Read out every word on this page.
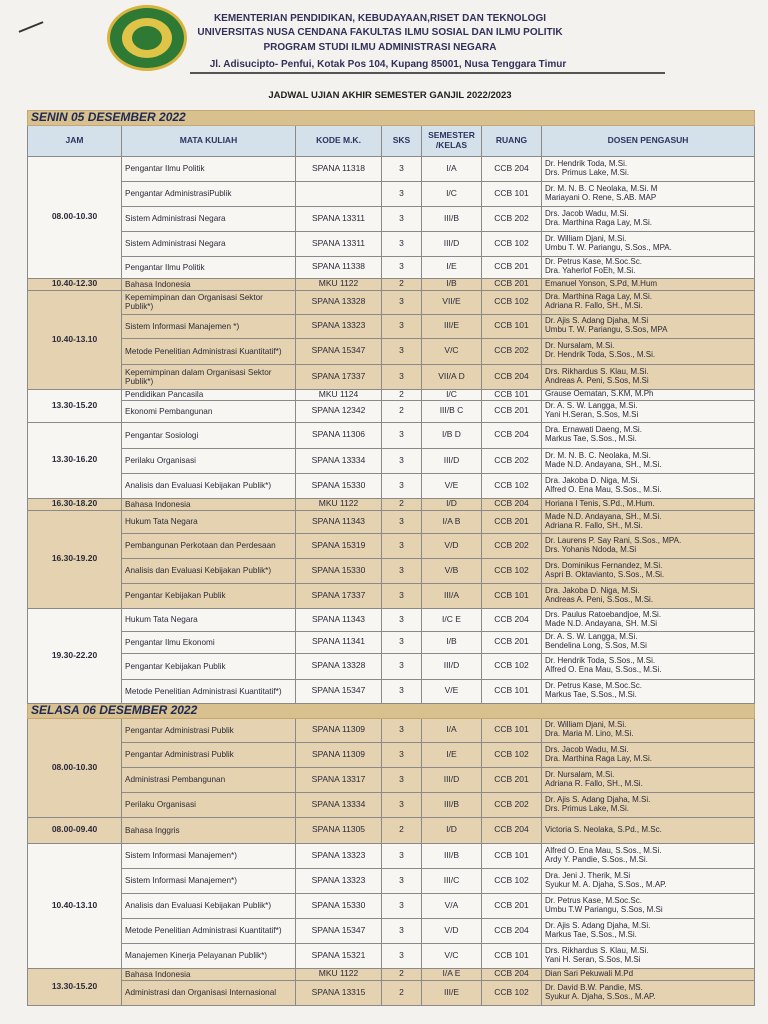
KEMENTERIAN PENDIDIKAN, KEBUDAYAAN,RISET DAN TEKNOLOGI
UNIVERSITAS NUSA CENDANA FAKULTAS ILMU SOSIAL DAN ILMU POLITIK
PROGRAM STUDI ILMU ADMINISTRASI NEGARA
Jl. Adisucipto- Penfui, Kotak Pos 104, Kupang 85001, Nusa Tenggara Timur
JADWAL UJIAN AKHIR SEMESTER GANJIL 2022/2023
SENIN 05 DESEMBER 2022						
JAM	MATA KULIAH	KODE M.K.	SKS	SEMESTER /KELAS	RUANG	DOSEN PENGASUH
08.00-10.30	Pengantar Ilmu Politik	SPANA 11318	3	I/A	CCB 204	Dr. Hendrik Toda, M.Si.
Drs. Primus Lake, M.Si.

	Pengantar AdministrasiPublik		3	I/C	CCB 101	Dr. M. N. B. C Neolaka, M.Si. M
Mariayani O. Rene, S.AB. MAP

	Sistem Administrasi Negara	SPANA 13311	3	III/B	CCB 202	Drs. Jacob Wadu, M.Si.
Dra. Marthina Raga Lay, M.Si.

	Sistem Administrasi Negara	SPANA 13311	3	III/D	CCB 102	Dr. William Djani, M.Si.
Umbu T. W. Pariangu, S.Sos., MPA.

	Pengantar Ilmu Politik	SPANA 11338	3	I/E	CCB 201	Dr. Petrus Kase, M.Soc.Sc.
Dra. Yaherlof FoEh, M.Si.

10.40-12.30	Bahasa Indonesia	MKU 1122	2	I/B	CCB 201	Emanuel Yonson, S.Pd, M.Hum

10.40-13.10	Kepemimpinan dan Organisasi Sektor Publik*)	SPANA 13328	3	VII/E	CCB 102	Dra. Marthina Raga Lay, M.Si.
Adriana R. Fallo, SH., M.Si.

	Sistem Informasi Manajemen *)	SPANA 13323	3	III/E	CCB 101	Dr. Ajis S. Adang Djaha, M.Si
Umbu T. W. Pariangu, S.Sos, MPA

	Metode Penelitian Administrasi Kuantitatif*)	SPANA 15347	3	V/C	CCB 202	Dr. Nursalam, M.Si.
Dr. Hendrik Toda, S.Sos., M.Si.

	Kepemimpinan dalam Organisasi Sektor Publik*)	SPANA 17337	3	VII/A D	CCB 204	Drs. Rikhardus S. Klau, M.Si.
Andreas A. Peni, S.Sos, M.Si

13.30-15.20	Pendidikan Pancasila	MKU 1124	2	I/C	CCB 101	Grause Oematan, S.KM, M.Ph

	Ekonomi Pembangunan	SPANA 12342	2	III/B C	CCB 201	Dr. A. S. W. Langga, M.Si.
Yani H.Seran, S.Sos, M.Si

13.30-16.20	Pengantar Sosiologi	SPANA 11306	3	I/B D	CCB 204	Dra. Ernawati Daeng, M.Si.
Markus Tae, S.Sos., M.Si.

	Perilaku Organisasi	SPANA 13334	3	III/D	CCB 202	Dr. M. N. B. C. Neolaka, M.Si.
Made N.D. Andayana, SH., M.Si.

	Analisis dan Evaluasi Kebijakan Publik*)	SPANA 15330	3	V/E	CCB 102	Dra. Jakoba D. Niga, M.Si.
Alfred O. Ena Mau, S.Sos., M.Si.

16.30-18.20	Bahasa Indonesia	MKU 1122	2	I/D	CCB 204	Horiana I Tenis, S.Pd., M.Hum.

16.30-19.20	Hukum Tata Negara	SPANA 11343	3	I/A B	CCB 201	Made N.D. Andayana, SH., M.Si.
Adriana R. Fallo, SH., M.Si.

	Pembangunan Perkotaan dan Perdesaan	SPANA 15319	3	V/D	CCB 202	Dr. Laurens P. Say Rani, S.Sos., MPA.
Drs. Yohanis Ndoda, M.Si

	Analisis dan Evaluasi Kebijakan Publik*)	SPANA 15330	3	V/B	CCB 102	Drs. Dominikus Fernandez, M.Si.
Aspri B. Oktavianto, S.Sos., M.Si.

	Pengantar Kebijakan Publik	SPANA 17337	3	III/A	CCB 101	Dra. Jakoba D. Niga, M.Si.
Andreas A. Peni, S.Sos., M.Si.

19.30-22.20	Hukum Tata Negara	SPANA 11343	3	I/C E	CCB 204	Drs. Paulus Ratoebandjoe, M.Si.
Made N.D. Andayana, SH. M.Si

	Pengantar Ilmu Ekonomi	SPANA 11341	3	I/B	CCB 201	Dr. A. S. W. Langga, M.Si.
Bendelina Long, S.Sos, M.Si

	Pengantar Kebijakan Publik	SPANA 13328	3	III/D	CCB 102	Dr. Hendrik Toda, S.Sos., M.Si.
Alfred O. Ena Mau, S.Sos., M.Si.

	Metode Penelitian Administrasi Kuantitatif*)	SPANA 15347	3	V/E	CCB 101	Dr. Petrus Kase, M.Soc.Sc.
Markus Tae, S.Sos., M.Si.

SELASA 06 DESEMBER 2022						
08.00-10.30	Pengantar Administrasi Publik	SPANA 11309	3	I/A	CCB 101	Dr. William Djani, M.Si.
Dra. Maria M. Lino, M.Si.

	Pengantar Administrasi Publik	SPANA 11309	3	I/E	CCB 102	Drs. Jacob Wadu, M.Si.
Dra. Marthina Raga Lay, M.Si.

	Administrasi Pembangunan	SPANA 13317	3	III/D	CCB 201	Dr. Nursalam, M.Si.
Adriana R. Fallo, SH., M.Si.

	Perilaku Organisasi	SPANA 13334	3	III/B	CCB 202	Dr. Ajis S. Adang Djaha, M.Si.
Drs. Primus Lake, M.Si.

08.00-09.40	Bahasa Inggris	SPANA 11305	2	I/D	CCB 204	Victoria S. Neolaka, S.Pd., M.Sc.

10.40-13.10	Sistem Informasi Manajemen*)	SPANA 13323	3	III/B	CCB 101	Alfred O. Ena Mau, S.Sos., M.Si.
Ardy Y. Pandie, S.Sos., M.Si.

	Sistem Informasi Manajemen*)	SPANA 13323	3	III/C	CCB 102	Dra. Jeni J. Therik, M.Si
Syukur M. A. Djaha, S.Sos., M.AP.

	Analisis dan Evaluasi Kebijakan Publik*)	SPANA 15330	3	V/A	CCB 201	Dr. Petrus Kase, M.Soc.Sc.
Umbu T.W Pariangu, S.Sos, M.Si

	Metode Penelitian Administrasi Kuantitatif*)	SPANA 15347	3	V/D	CCB 204	Dr. Ajis S. Adang Djaha, M.Si.
Markus Tae, S.Sos., M.Si.

	Manajemen Kinerja Pelayanan Publik*)	SPANA 15321	3	V/C	CCB 101	Drs. Rikhardus S. Klau, M.Si.
Yani H. Seran, S.Sos, M.Si

13.30-15.20	Bahasa Indonesia	MKU 1122	2	I/A E	CCB 204	Dian Sari Pekuwali M.Pd

	Administrasi dan Organisasi Internasional	SPANA 13315	2	III/E	CCB 102	Dr. David B.W. Pandie, MS.
Syukur A. Djaha, S.Sos., M.AP.
